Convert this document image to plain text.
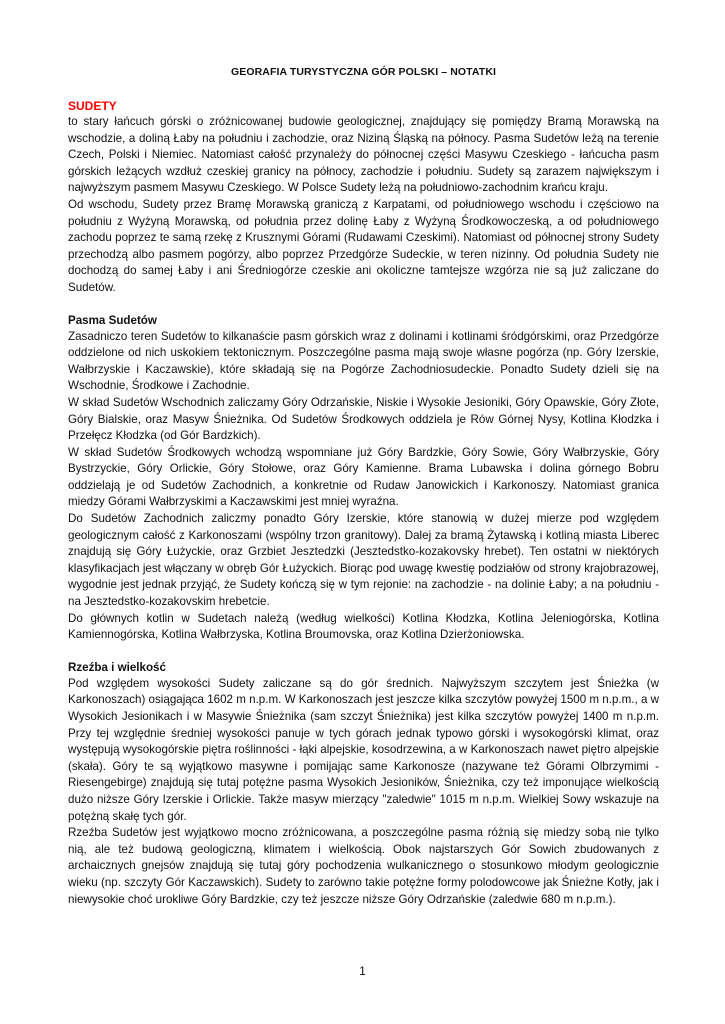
GEORAFIA TURYSTYCZNA GÓR POLSKI – NOTATKI
SUDETY

to stary łańcuch górski o zróżnicowanej budowie geologicznej, znajdujący się pomiędzy Bramą Morawską na wschodzie, a doliną Łaby na południu i zachodzie, oraz Niziną Śląską na północy. Pasma Sudetów leżą na terenie Czech, Polski i Niemiec. Natomiast całość przynależy do północnej części Masywu Czeskiego - łańcucha pasm górskich leżących wzdłuż czeskiej granicy na północy, zachodzie i południu. Sudety są zarazem największym i najwyższym pasmem Masywu Czeskiego. W Polsce Sudety leżą na południowo-zachodnim krańcu kraju.

Od wschodu, Sudety przez Bramę Morawską graniczą z Karpatami, od południowego wschodu i częściowo na południu z Wyżyną Morawską, od południa przez dolinę Łaby z Wyżyną Środkowoczeską, a od południowego zachodu poprzez te samą rzekę z Krusznymi Górami (Rudawami Czeskimi). Natomiast od północnej strony Sudety przechodzą albo pasmem pogórzy, albo poprzez Przedgórze Sudeckie, w teren nizinny. Od południa Sudety nie dochodzą do samej Łaby i ani Średniogórze czeskie ani okoliczne tamtejsze wzgórza nie są już zaliczane do Sudetów.

Pasma Sudetów

Zasadniczo teren Sudetów to kilkanaście pasm górskich wraz z dolinami i kotlinami śródgórskimi, oraz Przedgórze oddzielone od nich uskokiem tektonicznym. Poszczególne pasma mają swoje własne pogórza (np. Góry Izerskie, Wałbrzyskie i Kaczawskie), które składają się na Pogórze Zachodniosudeckie. Ponadto Sudety dzieli się na Wschodnie, Środkowe i Zachodnie.

W skład Sudetów Wschodnich zaliczamy Góry Odrzańskie, Niskie i Wysokie Jesioniki, Góry Opawskie, Góry Złote, Góry Bialskie, oraz Masyw Śnieżnika. Od Sudetów Środkowych oddziela je Rów Górnej Nysy, Kotlina Kłodzka i Przełęcz Kłodzka (od Gór Bardzkich).

W skład Sudetów Środkowych wchodzą wspomniane już Góry Bardzkie, Góry Sowie, Góry Wałbrzyskie, Góry Bystrzyckie, Góry Orlickie, Góry Stołowe, oraz Góry Kamienne. Brama Lubawska i dolina górnego Bobru oddzielają je od Sudetów Zachodnich, a konkretnie od Rudaw Janowickich i Karkonoszy. Natomiast granica miedzy Górami Wałbrzyskimi a Kaczawskimi jest mniej wyraźna.

Do Sudetów Zachodnich zaliczmy ponadto Góry Izerskie, które stanowią w dużej mierze pod względem geologicznym całość z Karkonoszami (wspólny trzon granitowy). Dalej za bramą Żytawską i kotliną miasta Liberec znajdują się Góry Łużyckie, oraz Grzbiet Jesztedzki (Jesztedstko-kozakovsky hrebet). Ten ostatni w niektórych klasyfikacjach jest włączany w obręb Gór Łużyckich. Biorąc pod uwagę kwestię podziałów od strony krajobrazowej, wygodnie jest jednak przyjąć, że Sudety kończą się w tym rejonie: na zachodzie - na dolinie Łaby; a na południu - na Jesztedstko-kozakovskim hrebetcie.

Do głównych kotlin w Sudetach należą (według wielkości) Kotlina Kłodzka, Kotlina Jeleniogórska, Kotlina Kamiennogórska, Kotlina Wałbrzyska, Kotlina Broumovska, oraz Kotlina Dzierżoniowska.

Rzeźba i wielkość

Pod względem wysokości Sudety zaliczane są do gór średnich. Najwyższym szczytem jest Śnieżka (w Karkonoszach) osiągająca 1602 m n.p.m. W Karkonoszach jest jeszcze kilka szczytów powyżej 1500 m n.p.m., a w Wysokich Jesionikach i w Masywie Śnieżnika (sam szczyt Śnieżnika) jest kilka szczytów powyżej 1400 m n.p.m. Przy tej względnie średniej wysokości panuje w tych górach jednak typowo górski i wysokogórski klimat, oraz występują wysokogórskie piętra roślinności - łąki alpejskie, kosodrzewina, a w Karkonoszach nawet piętro alpejskie (skała). Góry te są wyjątkowo masywne i pomijając same Karkonosze (nazywane też Górami Olbrzymimi - Riesengebirge) znajdują się tutaj potężne pasma Wysokich Jesioników, Śnieżnika, czy też imponujące wielkością dużo niższe Góry Izerskie i Orlickie. Także masyw mierzący "zaledwie" 1015 m n.p.m. Wielkiej Sowy wskazuje na potężną skałę tych gór.

Rzeźba Sudetów jest wyjątkowo mocno zróżnicowana, a poszczególne pasma różnią się miedzy sobą nie tylko nią, ale też budową geologiczną, klimatem i wielkością. Obok najstarszych Gór Sowich zbudowanych z archaicznych gnejsów znajdują się tutaj góry pochodzenia wulkanicznego o stosunkowo młodym geologicznie wieku (np. szczyty Gór Kaczawskich). Sudety to zarówno takie potężne formy polodowcowe jak Śnieżne Kotły, jak i niewysokie choć urokliwe Góry Bardzkie, czy też jeszcze niższe Góry Odrzańskie (zaledwie 680 m n.p.m.).

1
